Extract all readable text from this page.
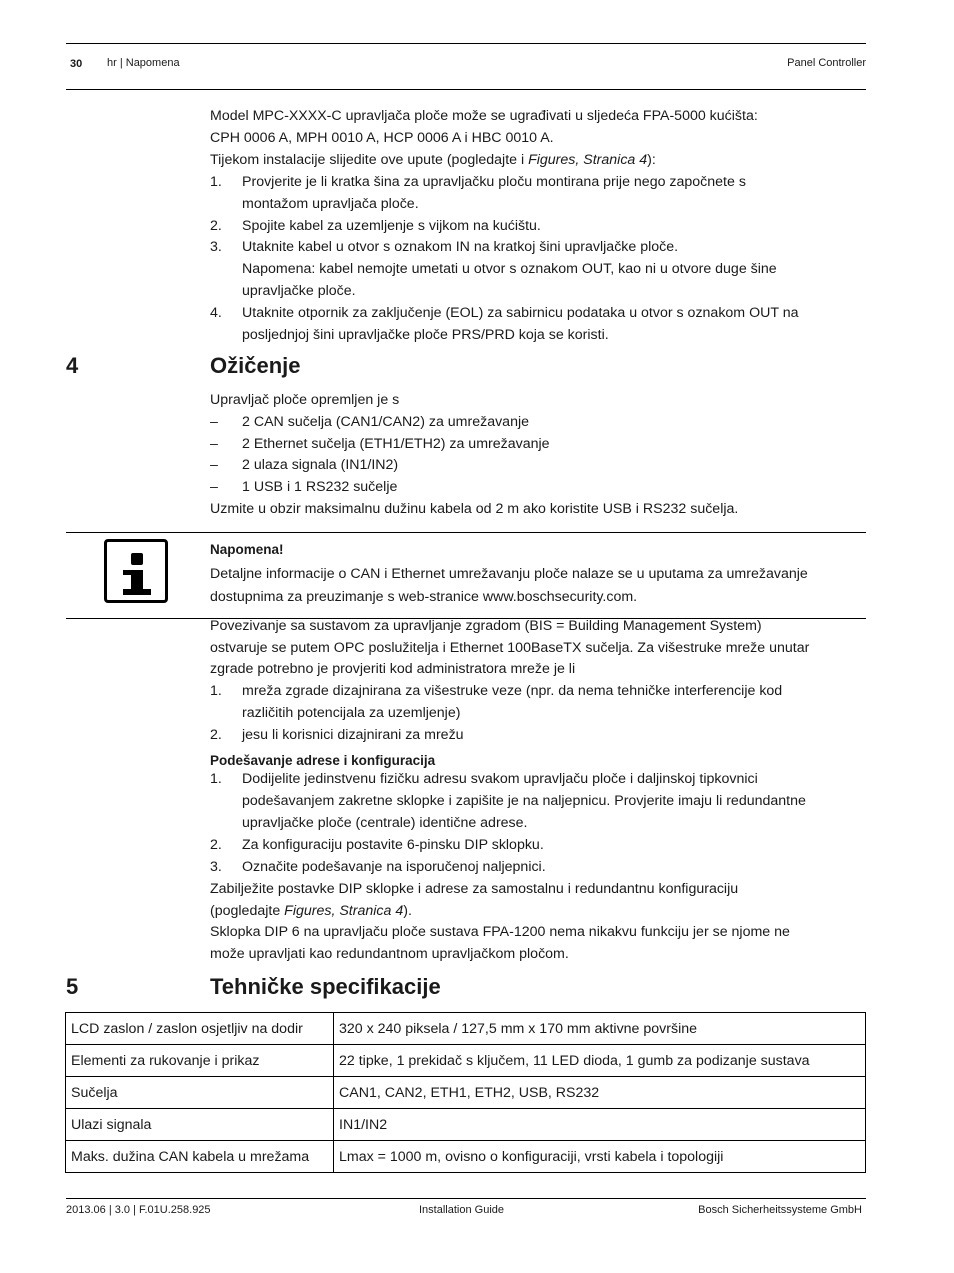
30 hr | Napomena	Panel Controller
Model MPC-XXXX-C upravljača ploče može se ugrađivati u sljedeća FPA-5000 kućišta:
CPH 0006 A, MPH 0010 A, HCP 0006 A i HBC 0010 A.
Tijekom instalacije slijedite ove upute (pogledajte i Figures, Stranica 4):
1. Provjerite je li kratka šina za upravljačku ploču montirana prije nego započnete s
montažom upravljača ploče.
2. Spojite kabel za uzemljenje s vijkom na kućištu.
3. Utaknite kabel u otvor s oznakom IN na kratkoj šini upravljačke ploče.
Napomena: kabel nemojte umetati u otvor s oznakom OUT, kao ni u otvore duge šine
upravljačke ploče.
4. Utaknite otpornik za zaključenje (EOL) za sabirnicu podataka u otvor s oznakom OUT na
posljednjoj šini upravljačke ploče PRS/PRD koja se koristi.
4	Ožičenje
Upravljač ploče opremljen je s
– 2 CAN sučelja (CAN1/CAN2) za umrežavanje
– 2 Ethernet sučelja (ETH1/ETH2) za umrežavanje
– 2 ulaza signala (IN1/IN2)
– 1 USB i 1 RS232 sučelje
Uzmite u obzir maksimalnu dužinu kabela od 2 m ako koristite USB i RS232 sučelja.
Napomena!
Detaljne informacije o CAN i Ethernet umrežavanju ploče nalaze se u uputama za umrežavanje
dostupnima za preuzimanje s web-stranice www.boschsecurity.com.
Povezivanje sa sustavom za upravljanje zgradom (BIS = Building Management System)
ostvaruje se putem OPC poslužitelja i Ethernet 100BaseTX sučelja. Za višestruke mreže unutar
zgrade potrebno je provjeriti kod administratora mreže je li
1. mreža zgrade dizajnirana za višestruke veze (npr. da nema tehničke interferencije kod
različitih potencijala za uzemljenje)
2. jesu li korisnici dizajnirani za mrežu
Podešavanje adrese i konfiguracija
1. Dodijelite jedinstvenu fizičku adresu svakom upravljaču ploče i daljinskoj tipkovnici
podešavanjem zakretne sklopke i zapišite je na naljepnicu. Provjerite imaju li redundantne
upravljačke ploče (centrale) identične adrese.
2. Za konfiguraciju postavite 6-pinsku DIP sklopku.
3. Označite podešavanje na isporučenoj naljepnici.
Zabilježite postavke DIP sklopke i adrese za samostalnu i redundantnu konfiguraciju
(pogledajte Figures, Stranica 4).
Sklopka DIP 6 na upravljaču ploče sustava FPA-1200 nema nikakvu funkciju jer se njome ne
može upravljati kao redundantnom upravljačkom pločom.
5	Tehničke specifikacije
LCD zaslon / zaslon osjetljiv na dodir	320 x 240 piksela / 127,5 mm x 170 mm aktivne površine
Elementi za rukovanje i prikaz	22 tipke, 1 prekidač s ključem, 11 LED dioda, 1 gumb za podizanje sustava
Sučelja	CAN1, CAN2, ETH1, ETH2, USB, RS232
Ulazi signala	IN1/IN2
Maks. dužina CAN kabela u mrežama	Lmax = 1000 m, ovisno o konfiguraciji, vrsti kabela i topologiji
2013.06 | 3.0 | F.01U.258.925	Installation Guide	Bosch Sicherheitssysteme GmbH
